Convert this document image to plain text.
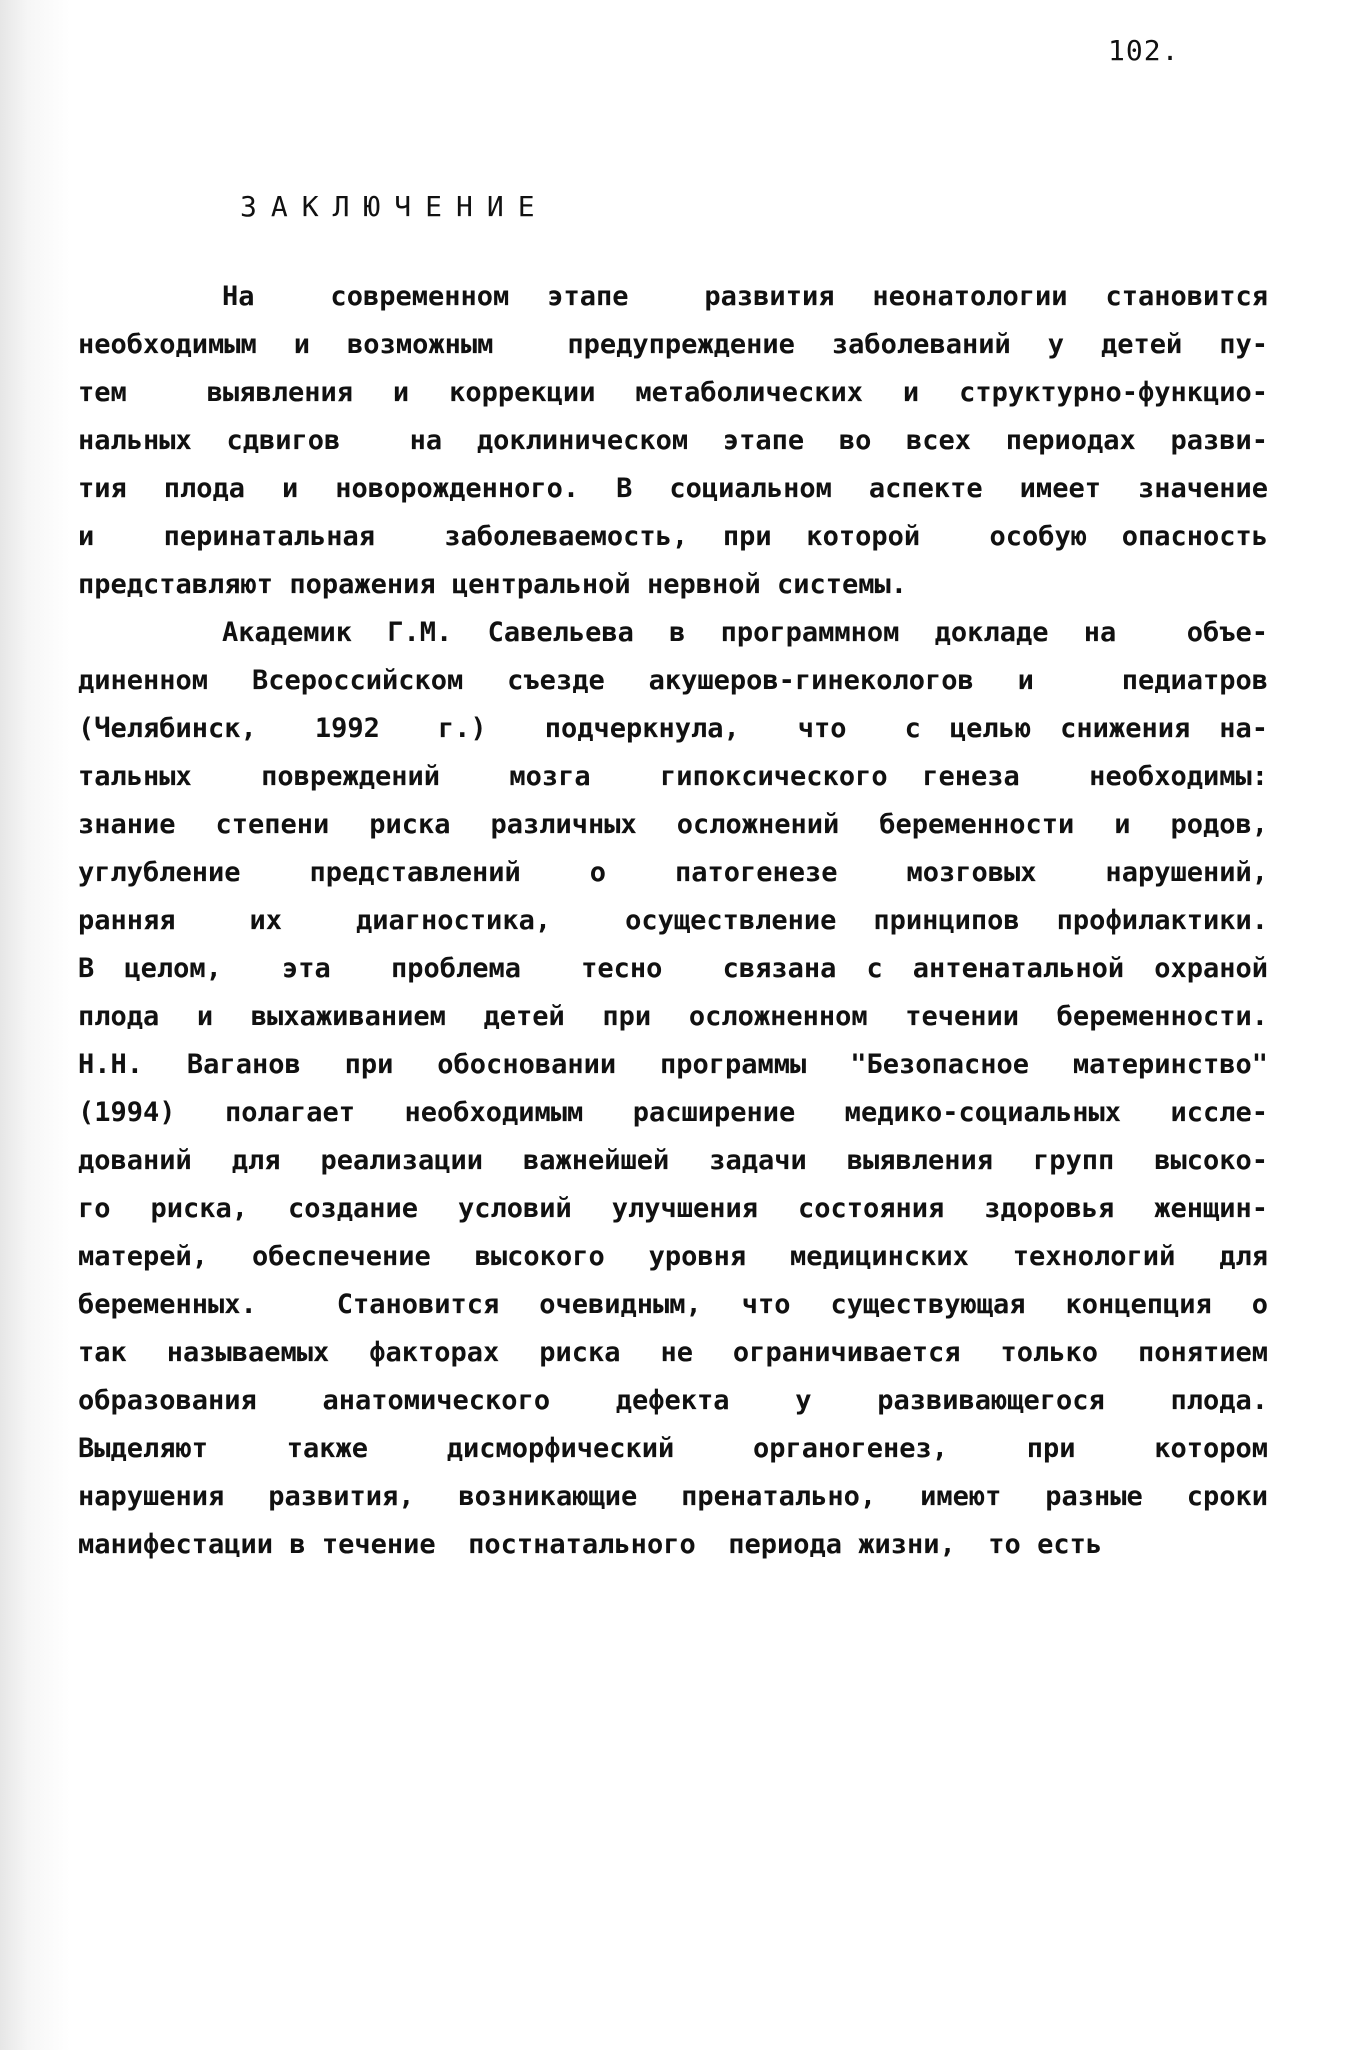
102.
ЗАКЛЮЧЕНИЕ
На  современном этапе  развития неонатологии становится
необходимым и возможным  предупреждение заболеваний у детей пу-
тем  выявления и коррекции метаболических и структурно-функцио-
нальных сдвигов  на доклиническом этапе во всех периодах разви-
тия плода и новорожденного. В социальном аспекте имеет значение
и  перинатальная  заболеваемость, при которой  особую опасность
представляют поражения центральной нервной системы.
Академик Г.М. Савельева в программном докладе на  объе-
диненном Всероссийском съезде акушеров-гинекологов и  педиатров
(Челябинск,  1992  г.)  подчеркнула,  что  с целью снижения на-
тальных  повреждений  мозга  гипоксического генеза  необходимы:
знание степени риска различных осложнений беременности и родов,
углубление  представлений  о  патогенезе  мозговых  нарушений,
ранняя  их  диагностика,  осуществление принципов профилактики.
В целом,  эта  проблема  тесно  связана с антенатальной охраной
плода и выхаживанием детей при осложненном течении беременности.
Н.Н. Ваганов при обосновании программы "Безопасное материнство"
(1994) полагает необходимым расширение медико-социальных иссле-
дований для реализации важнейшей задачи выявления групп высоко-
го риска, создание условий улучшения состояния здоровья женщин-
матерей, обеспечение высокого уровня медицинских технологий для
беременных.  Становится очевидным, что существующая концепция о
так называемых факторах риска не ограничивается только понятием
образования  анатомического  дефекта  у  развивающегося  плода.
Выделяют  также  дисморфический  органогенез,  при  котором
нарушения развития, возникающие пренатально, имеют разные сроки
манифестации в течение  постнатального  периода жизни,  то есть
